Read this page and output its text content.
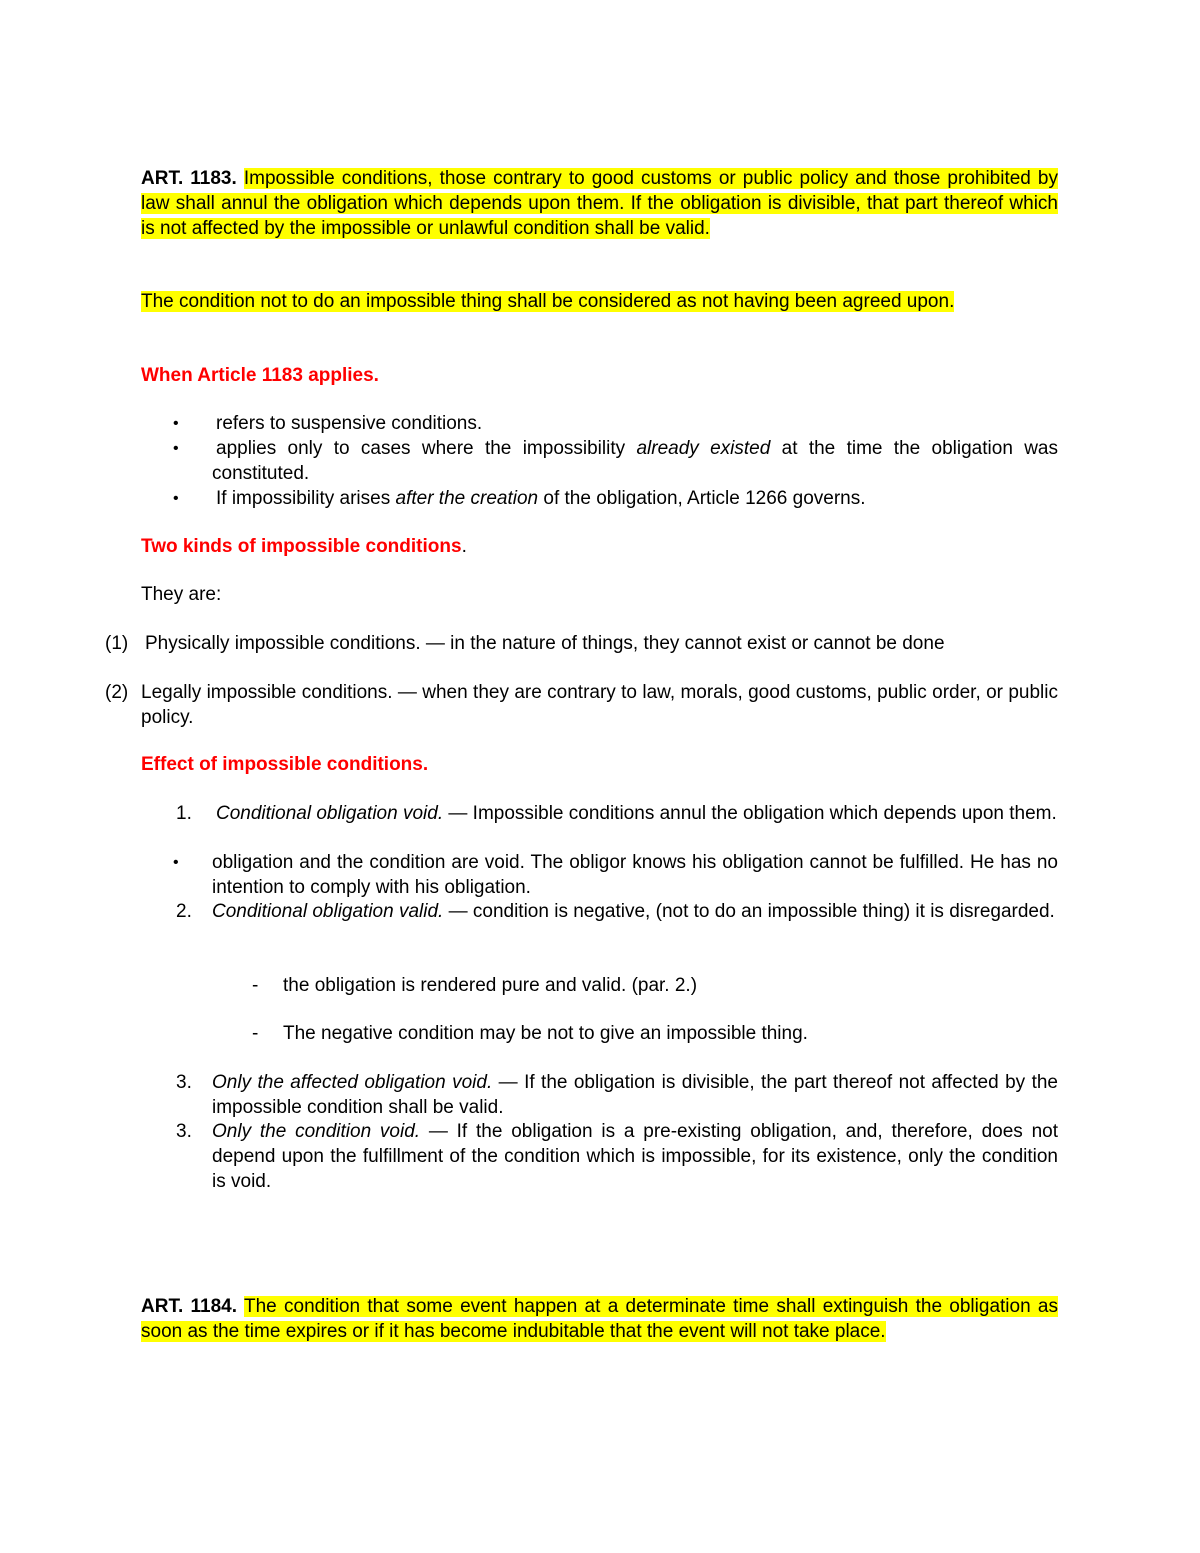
ART. 1183. Impossible conditions, those contrary to good customs or public policy and those prohibited by law shall annul the obligation which depends upon them. If the obligation is divisible, that part thereof which is not affected by the impossible or unlawful condition shall be valid.

The condition not to do an impossible thing shall be considered as not having been agreed upon.

When Article 1183 applies.

• refers to suspensive conditions.

• applies only to cases where the impossibility already existed at the time the obligation was constituted.

• If impossibility arises after the creation of the obligation, Article 1266 governs.

Two kinds of impossible conditions.

They are:

(1) Physically impossible conditions. — in the nature of things, they cannot exist or cannot be done

(2) Legally impossible conditions. — when they are contrary to law, morals, good customs, public order, or public policy.

Effect of impossible conditions.

1. Conditional obligation void. — Impossible conditions annul the obligation which depends upon them.

• obligation and the condition are void. The obligor knows his obligation cannot be fulfilled. He has no intention to comply with his obligation.

2. Conditional obligation valid. — condition is negative, (not to do an impossible thing) it is disregarded.

- the obligation is rendered pure and valid. (par. 2.)

- The negative condition may be not to give an impossible thing.

3. Only the affected obligation void. — If the obligation is divisible, the part thereof not affected by the impossible condition shall be valid.

3. Only the condition void. — If the obligation is a pre-existing obligation, and, therefore, does not depend upon the fulfillment of the condition which is impossible, for its existence, only the condition is void.

ART. 1184. The condition that some event happen at a determinate time shall extinguish the obligation as soon as the time expires or if it has become indubitable that the event will not take place.
